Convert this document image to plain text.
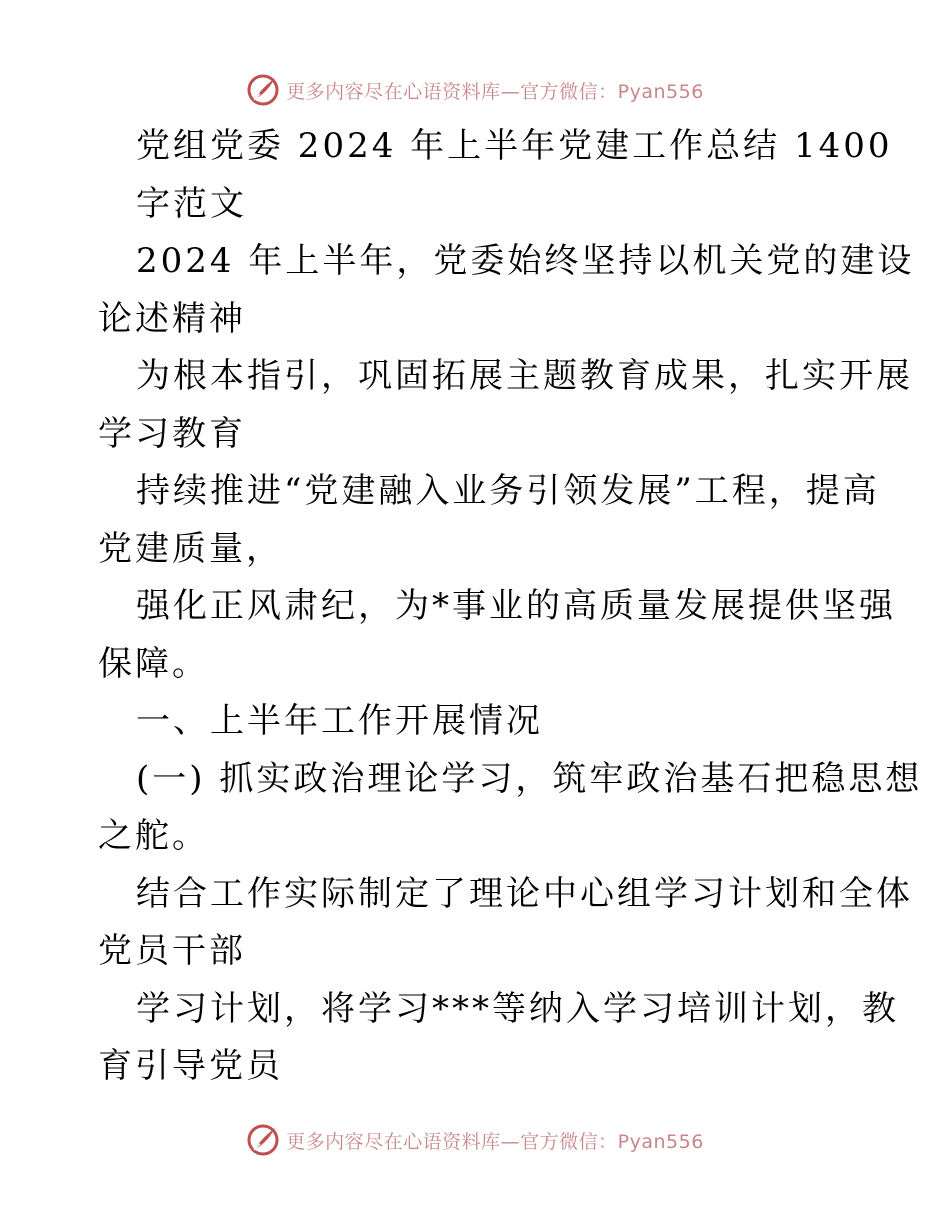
更多内容尽在心语资料库—官方微信：Pyan556
党组党委 2024 年上半年党建工作总结 1400
字范文
2024 年上半年，党委始终坚持以机关党的建设
论述精神
为根本指引，巩固拓展主题教育成果，扎实开展
学习教育
持续推进“党建融入业务引领发展”工程，提高
党建质量，
强化正风肃纪，为*事业的高质量发展提供坚强
保障。
一、上半年工作开展情况
(一) 抓实政治理论学习，筑牢政治基石把稳思想
之舵。
结合工作实际制定了理论中心组学习计划和全体
党员干部
学习计划，将学习***等纳入学习培训计划，教
育引导党员
更多内容尽在心语资料库—官方微信：Pyan556
